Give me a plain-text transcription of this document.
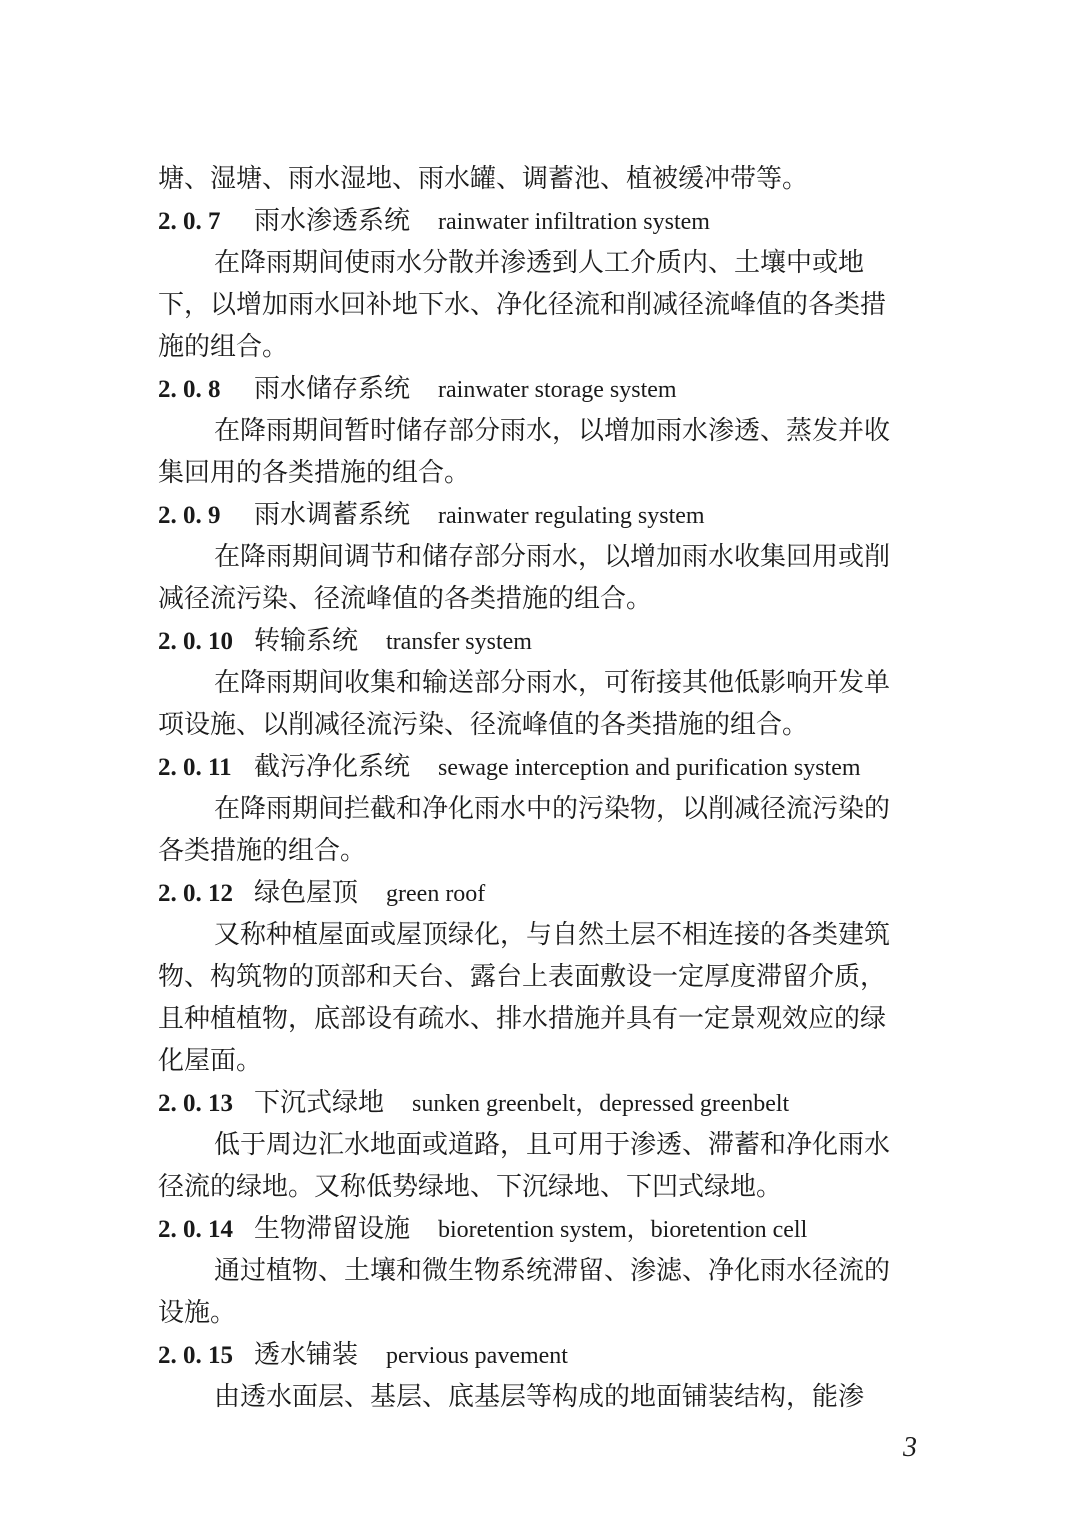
塘、湿塘、雨水湿地、雨水罐、调蓄池、植被缓冲带等。
2. 0. 7 雨水渗透系统 rainwater infiltration system
在降雨期间使雨水分散并渗透到人工介质内、土壤中或地
下，以增加雨水回补地下水、净化径流和削减径流峰值的各类措
施的组合。
2. 0. 8 雨水储存系统 rainwater storage system
在降雨期间暂时储存部分雨水，以增加雨水渗透、蒸发并收
集回用的各类措施的组合。
2. 0. 9 雨水调蓄系统 rainwater regulating system
在降雨期间调节和储存部分雨水，以增加雨水收集回用或削
减径流污染、径流峰值的各类措施的组合。
2. 0. 10 转输系统 transfer system
在降雨期间收集和输送部分雨水，可衔接其他低影响开发单
项设施、以削减径流污染、径流峰值的各类措施的组合。
2. 0. 11 截污净化系统 sewage interception and purification system
在降雨期间拦截和净化雨水中的污染物，以削减径流污染的
各类措施的组合。
2. 0. 12 绿色屋顶 green roof
又称种植屋面或屋顶绿化，与自然土层不相连接的各类建筑
物、构筑物的顶部和天台、露台上表面敷设一定厚度滞留介质，
且种植植物，底部设有疏水、排水措施并具有一定景观效应的绿
化屋面。
2. 0. 13 下沉式绿地 sunken greenbelt，depressed greenbelt
低于周边汇水地面或道路，且可用于渗透、滞蓄和净化雨水
径流的绿地。又称低势绿地、下沉绿地、下凹式绿地。
2. 0. 14 生物滞留设施 bioretention system，bioretention cell
通过植物、土壤和微生物系统滞留、渗滤、净化雨水径流的
设施。
2. 0. 15 透水铺装 pervious pavement
由透水面层、基层、底基层等构成的地面铺装结构，能渗
3
